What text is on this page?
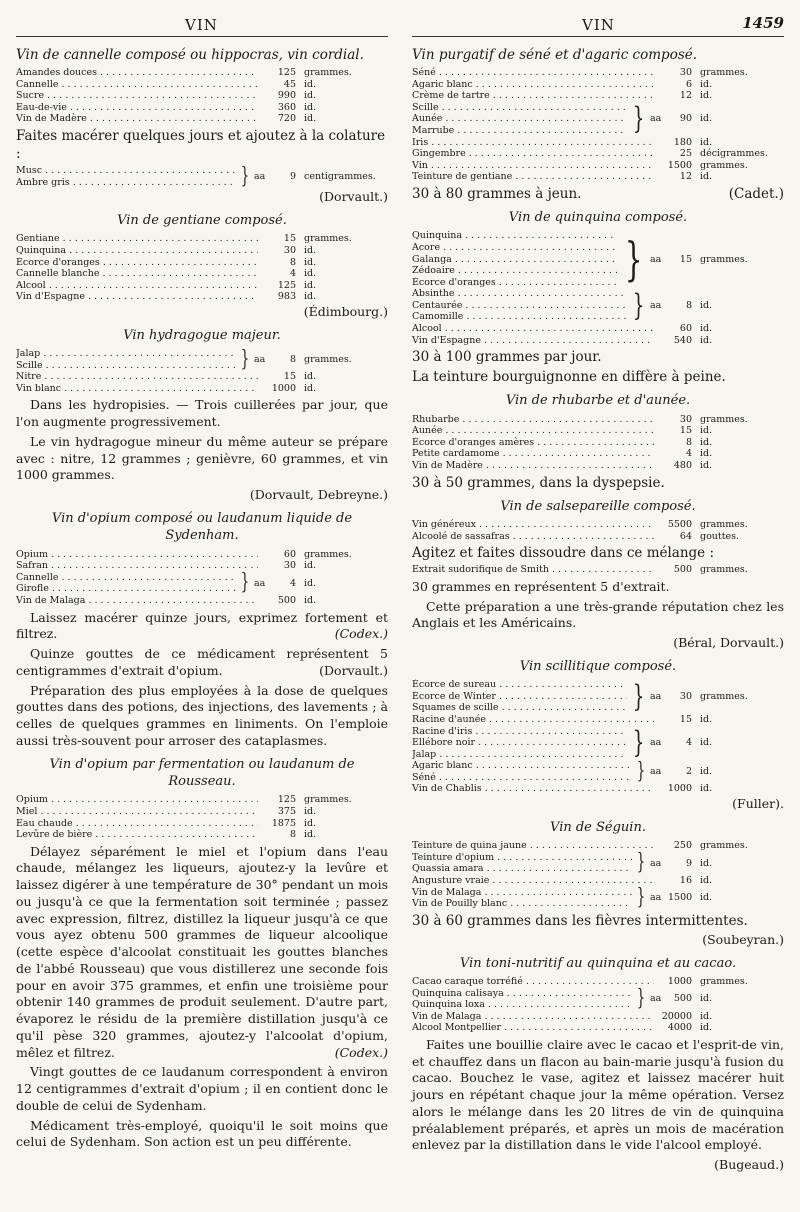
VIN	VIN	1459
Vin de cannelle composé ou hippocras, vin cordial.
Amandes douces . . .	125 grammes.
Cannelle . . .	45 id.
Sucre . . .	990 id.
Eau-de-vie . . .	360 id.
Vin de Madère . . .	720 id.
Faites macérer quelques jours et ajoutez à la colature :
Musc . . .
Ambre gris . . .	} aa	9 centigrammes.
(Dorvault.)
Vin de gentiane composé.
Gentiane . . .	15 grammes.
Quinquina . . .	30 id.
Écorce d'oranges . . .	8 id.
Cannelle blanche . . .	4 id.
Alcool . . .	125 id.
Vin d'Espagne . . .	983 id.
(Édimbourg.)
Vin hydragogue majeur.
Jalap . . .
Scille . . .	} aa	8 grammes.
Nitre . . .	15 id.
Vin blanc . . .	1000 id.
Dans les hydropisies. — Trois cuillerées par jour, que l'on augmente progressivement.
Le vin hydragogue mineur du même auteur se prépare avec : nitre, 12 grammes ; genièvre, 60 grammes, et vin 1000 grammes.
(Dorvault, Debreyne.)
Vin d'opium composé ou laudanum liquide de Sydenham.
Opium . . .	60 grammes.
Safran . . .	30 id.
Cannelle . . .
Girofle . . .	} aa	4 id.
Vin de Malaga . . .	500 id.
Laissez macérer quinze jours, exprimez fortement et filtrez.	(Codex.)
Quinze gouttes de ce médicament représentent 5 centigrammes d'extrait d'opium.	(Dorvault.)
Préparation des plus employées à la dose de quelques gouttes dans des potions, des injections, des lavements ; à celles de quelques grammes en liniments. On l'emploie aussi très-souvent pour arroser des cataplasmes.
Vin d'opium par fermentation ou laudanum de Rousseau.
Opium . . .	125 grammes.
Miel . . .	375 id.
Eau chaude . . .	1875 id.
Levûre de bière . . .	8 id.
Délayez séparément le miel et l'opium dans l'eau chaude, mélangez les liqueurs, ajoutez-y la levûre et laissez digérer à une température de 30° pendant un mois ou jusqu'à ce que la fermentation soit terminée ; passez avec expression, filtrez, distillez la liqueur jusqu'à ce que vous ayez obtenu 500 grammes de liqueur alcoolique (cette espèce d'alcoolat constituait les gouttes blanches de l'abbé Rousseau) que vous distillerez une seconde fois pour en avoir 375 grammes, et enfin une troisième pour obtenir 140 grammes de produit seulement. D'autre part, évaporez le résidu de la première distillation jusqu'à ce qu'il pèse 320 grammes, ajoutez-y l'alcoolat d'opium, mêlez et filtrez.	(Codex.)
Vingt gouttes de ce laudanum correspondent à environ 12 centigrammes d'extrait d'opium ; il en contient donc le double de celui de Sydenham.
Médicament très-employé, quoiqu'il le soit moins que celui de Sydenham. Son action est un peu différente.
Vin purgatif de séné et d'agaric composé.
Séné . . .	30 grammes.
Agaric blanc . . .	6 id.
Crème de tartre . . .	12 id.
Scille . . .
Aunée . . .
Marrube . . .	} aa	90 id.
Iris . . .	180 id.
Gingembre . . .	25 décigrammes.
Vin . . .	1500 grammes.
Teinture de gentiane . . .	12 id.
30 à 80 grammes à jeun.	(Cadet.)
Vin de quinquina composé.
Quinquina . . .
Acore . . .
Galanga . . .
Zédoaire . . .
Écorce d'oranges . . .	} aa	15 grammes.
Absinthe . . .
Centaurée . . .
Camomille . . .	} aa	8 id.
Alcool . . .	60 id.
Vin d'Espagne . . .	540 id.
30 à 100 grammes par jour.
La teinture bourguignonne en diffère à peine.
Vin de rhubarbe et d'aunée.
Rhubarbe . . .	30 grammes.
Aunée . . .	15 id.
Écorce d'oranges amères . . .	8 id.
Petite cardamome . . .	4 id.
Vin de Madère . . .	480 id.
30 à 50 grammes, dans la dyspepsie.
Vin de salsepareille composé.
Vin généreux . . .	5500 grammes.
Alcoolé de sassafras . . .	64 gouttes.
Agitez et faites dissoudre dans ce mélange :
Extrait sudorifique de Smith . . .	500 grammes.
30 grammes en représentent 5 d'extrait.
Cette préparation a une très-grande réputation chez les Anglais et les Américains.
(Béral, Dorvault.)
Vin scillitique composé.
Écorce de sureau . . .
Écorce de Winter . . .
Squames de scille . . .	} aa	30 grammes.
Racine d'aunée . . .	15 id.
Racine d'iris . . .
Ellébore noir . . .
Jalap . . .	} aa	4 id.
Agaric blanc . . .
Séné . . .	} aa	2 id.
Vin de Chablis . . .	1000 id.
(Fuller).
Vin de Séguin.
Teinture de quina jaune . . .	250 grammes.
Teinture d'opium . . .
Quassia amara . . .	} aa	9 id.
Angusture vraie . . .	16 id.
Vin de Malaga . . .
Vin de Pouilly blanc . . .	} aa 1500 id.
30 à 60 grammes dans les fièvres intermittentes.
(Soubeyran.)
Vin toni-nutritif au quinquina et au cacao.
Cacao caraque torréfié . . .	1000 grammes.
Quinquina calisaya . . .
Quinquina loxa . . .	} aa	500 id.
Vin de Malaga . . .	20000 id.
Alcool Montpellier . . .	4000 id.
Faites une bouillie claire avec le cacao et l'esprit-de vin, et chauffez dans un flacon au bain-marie jusqu'à fusion du cacao. Bouchez le vase, agitez et laissez macérer huit jours en répétant chaque jour la même opération. Versez alors le mélange dans les 20 litres de vin de quinquina préalablement préparés, et après un mois de macération enlevez par la distillation dans le vide l'alcool employé.
(Bugeaud.)
